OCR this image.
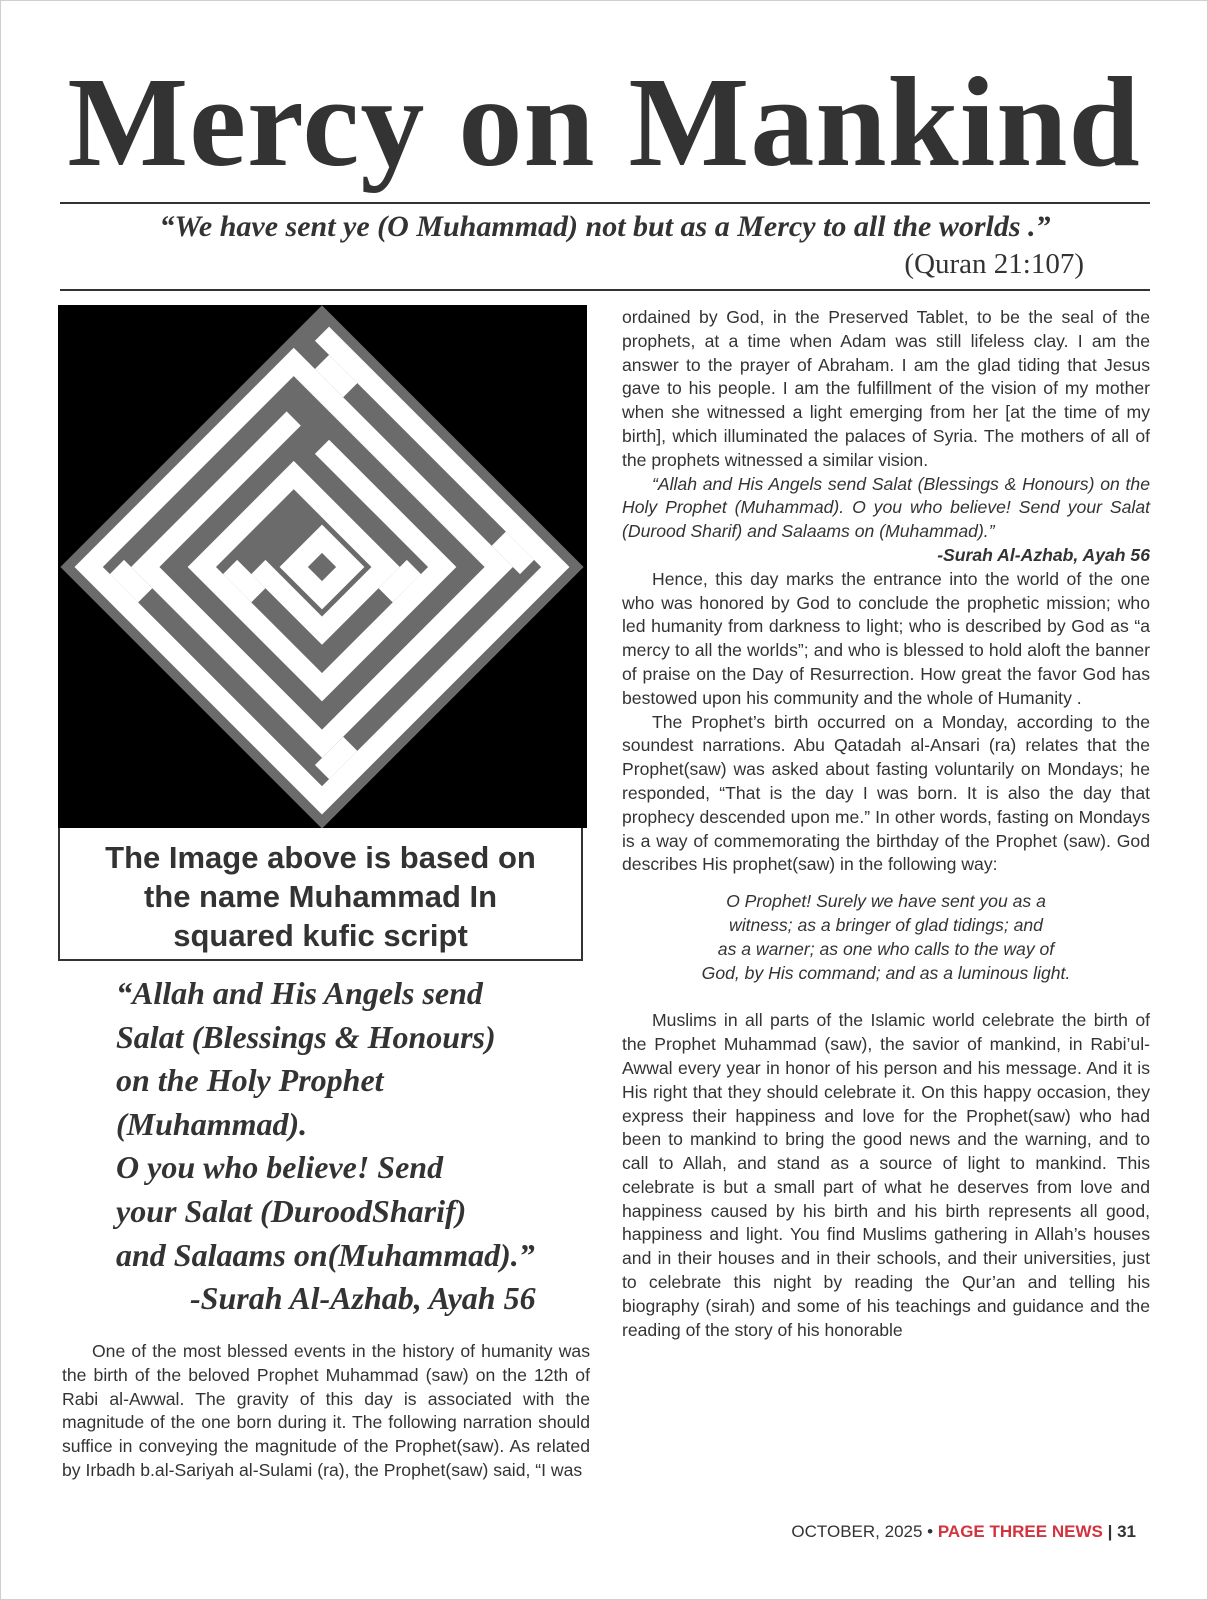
Mercy on Mankind
“We have sent ye (O Muhammad) not but as a Mercy to all the worlds .”
(Quran 21:107)
The Image above is based on
the name Muhammad In
squared kufic script
“Allah and His Angels send
Salat (Blessings & Honours)
on the Holy Prophet
(Muhammad).
O you who believe! Send
your Salat (DuroodSharif)
and Salaams on(Muhammad).”
-Surah Al-Azhab, Ayah 56

One of the most blessed events in the history of humanity was the birth of the beloved Prophet Muhammad (saw) on the 12th of Rabi al-Awwal. The gravity of this day is associated with the magnitude of the one born during it. The following narration should suffice in conveying the magnitude of the Prophet(saw). As related by Irbadh b.al-Sariyah al-Sulami (ra), the Prophet(saw) said, “I was

ordained by God, in the Preserved Tablet, to be the seal of the prophets, at a time when Adam was still lifeless clay. I am the answer to the prayer of Abraham. I am the glad tiding that Jesus gave to his people. I am the fulfillment of the vision of my mother when she witnessed a light emerging from her [at the time of my birth], which illuminated the palaces of Syria. The mothers of all of the prophets witnessed a similar vision.

“Allah and His Angels send Salat (Blessings & Honours) on the Holy Prophet (Muhammad). O you who believe! Send your Salat (Durood Sharif) and Salaams on (Muhammad).”

-Surah Al-Azhab, Ayah 56

Hence, this day marks the entrance into the world of the one who was honored by God to conclude the prophetic mission; who led humanity from darkness to light; who is described by God as “a mercy to all the worlds”; and who is blessed to hold aloft the banner of praise on the Day of Resurrection. How great the favor God has bestowed upon his community and the whole of Humanity .

The Prophet’s birth occurred on a Monday, according to the soundest narrations. Abu Qatadah al-Ansari (ra) relates that the Prophet(saw) was asked about fasting voluntarily on Mondays; he responded, “That is the day I was born. It is also the day that prophecy descended upon me.” In other words, fasting on Mondays is a way of commemorating the birthday of the Prophet (saw). God describes His prophet(saw) in the following way:

O Prophet! Surely we have sent you as a
witness; as a bringer of glad tidings; and
as a warner; as one who calls to the way of
God, by His command; and as a luminous light.

Muslims in all parts of the Islamic world celebrate the birth of the Prophet Muhammad (saw), the savior of mankind, in Rabi’ul-Awwal every year in honor of his person and his message. And it is His right that they should celebrate it. On this happy occasion, they express their happiness and love for the Prophet(saw) who had been to mankind to bring the good news and the warning, and to call to Allah, and stand as a source of light to mankind. This celebrate is but a small part of what he deserves from love and happiness caused by his birth and his birth represents all good, happiness and light. You find Muslims gathering in Allah’s houses and in their houses and in their schools, and their universities, just to celebrate this night by reading the Qur’an and telling his biography (sirah) and some of his teachings and guidance and the reading of the story of his honorable

OCTOBER, 2025 • PAGE THREE NEWS | 31
